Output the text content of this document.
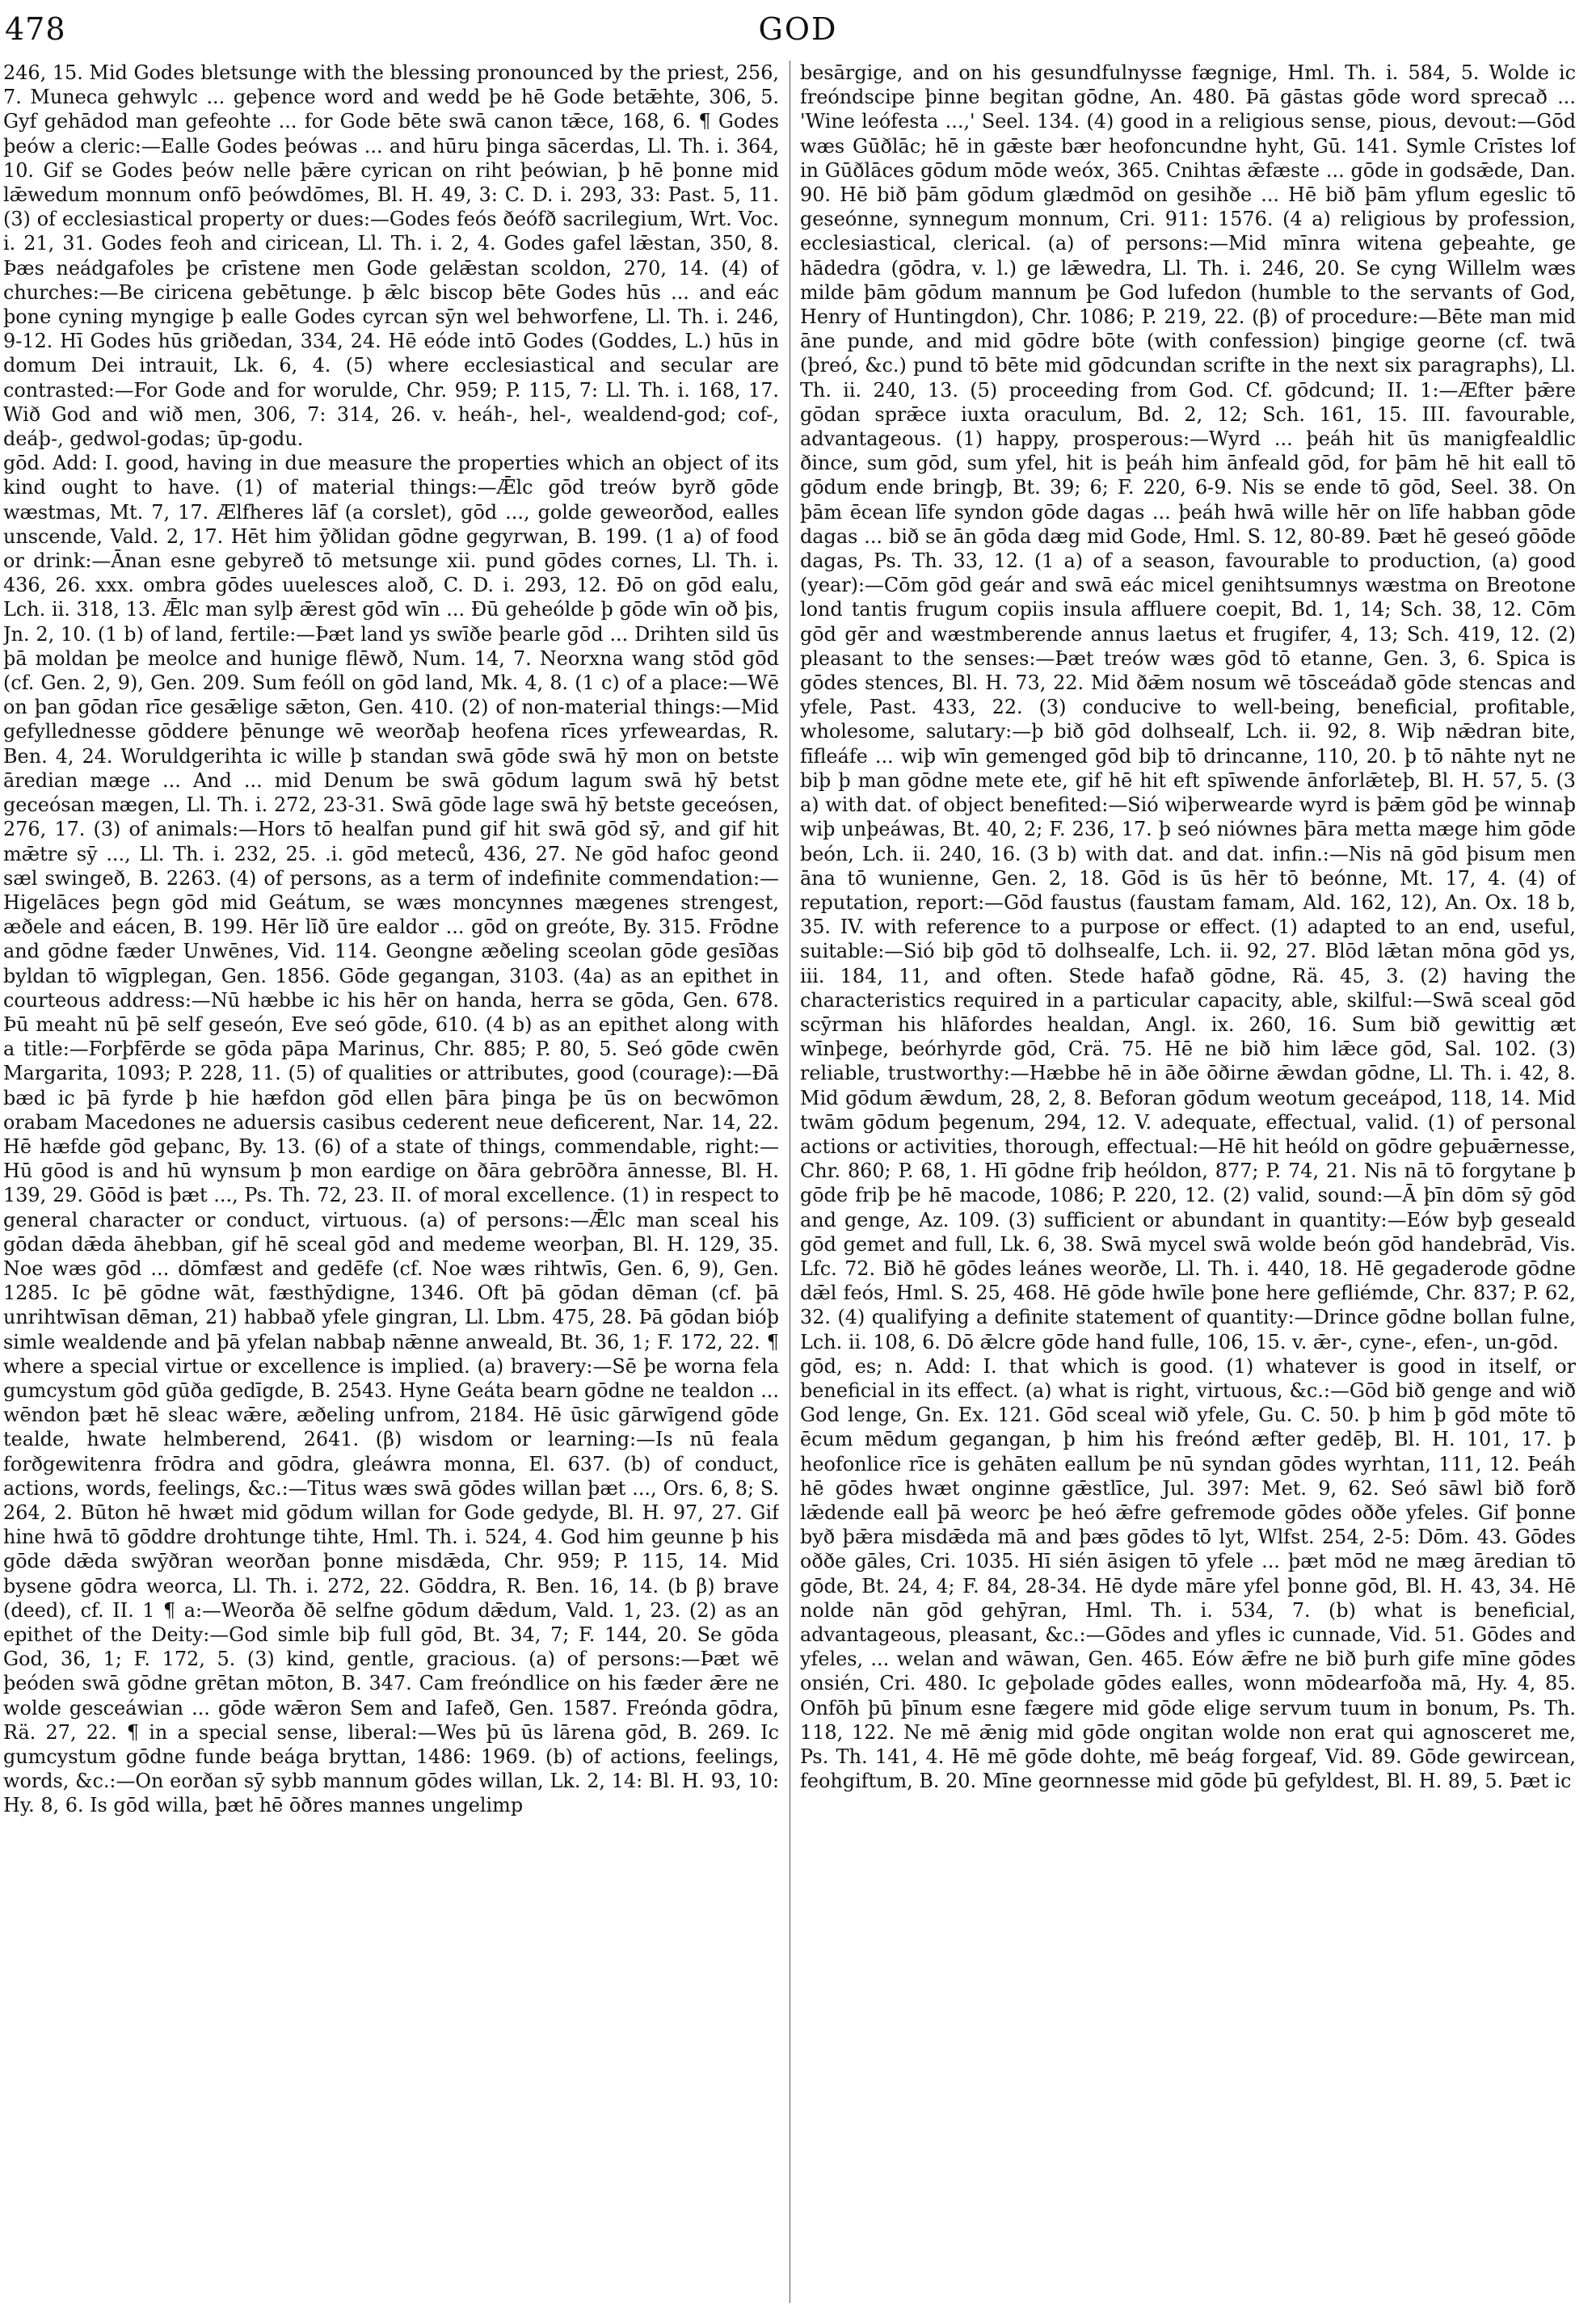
478	GOD

246, 15. Mid Godes bletsunge with the blessing pronounced by the priest, 256, 7. Muneca gehwylc ... geþence word and wedd þe hē Gode betǣhte, 306, 5. Gyf gehādod man gefeohte ... for Gode bēte swā canon tǣce, 168, 6. ¶ Godes þeów a cleric:—Ealle Godes þeówas ... and hūru þinga sācerdas, Ll. Th. i. 364, 10. Gif se Godes þeów nelle þǣre cyrican on riht þeówian, þ hē þonne mid lǣwedum monnum onfō þeówdōmes, Bl. H. 49, 3: C. D. i. 293, 33: Past. 5, 11. (3) of ecclesiastical property or dues:—Godes feós ðeófð sacrilegium, Wrt. Voc. i. 21, 31. Godes feoh and ciricean, Ll. Th. i. 2, 4. Godes gafel lǣstan, 350, 8. Þæs neádgafoles þe crīstene men Gode gelǣstan scoldon, 270, 14. (4) of churches:—Be ciricena gebētunge. þ ǣlc biscop bēte Godes hūs ... and eác þone cyning myngige þ ealle Godes cyrcan sȳn wel behworfene, Ll. Th. i. 246, 9-12. Hī Godes hūs griðedan, 334, 24. Hē eóde intō Godes (Goddes, L.) hūs in domum Dei intrauit, Lk. 6, 4. (5) where ecclesiastical and secular are contrasted:—For Gode and for worulde, Chr. 959; P. 115, 7: Ll. Th. i. 168, 17. Wið God and wið men, 306, 7: 314, 26. v. heáh-, hel-, wealdend-god; cof-, deáþ-, gedwol-godas; ūp-godu.

gōd. Add: I. good, having in due measure the properties which an object of its kind ought to have. (1) of material things:—Ǣlc gōd treów byrð gōde wæstmas, Mt. 7, 17. Ælfheres lāf (a corslet), gōd ..., golde geweorðod, ealles unscende, Vald. 2, 17. Hēt him ȳðlidan gōdne gegyrwan, B. 199. (1 a) of food or drink:—Ānan esne gebyreð tō metsunge xii. pund gōdes cornes, Ll. Th. i. 436, 26. xxx. ombra gōdes uuelesces aloð, C. D. i. 293, 12. Ðō on gōd ealu, Lch. ii. 318, 13. Ǣlc man sylþ ǣrest gōd wīn ... Ðū geheólde þ gōde wīn oð þis, Jn. 2, 10. (1 b) of land, fertile:—Þæt land ys swīðe þearle gōd ... Drihten sild ūs þā moldan þe meolce and hunige flēwð, Num. 14, 7. Neorxna wang stōd gōd (cf. Gen. 2, 9), Gen. 209. Sum feóll on gōd land, Mk. 4, 8. (1 c) of a place:—Wē on þan gōdan rīce gesǣlige sǣton, Gen. 410. (2) of non-material things:—Mid gefyllednesse gōddere þēnunge wē weorðaþ heofena rīces yrfeweardas, R. Ben. 4, 24. Woruldgerihta ic wille þ standan swā gōde swā hȳ mon on betste āredian mæge ... And ... mid Denum be swā gōdum lagum swā hȳ betst geceósan mægen, Ll. Th. i. 272, 23-31. Swā gōde lage swā hȳ betste geceósen, 276, 17. (3) of animals:—Hors tō healfan pund gif hit swā gōd sȳ, and gif hit mǣtre sȳ ..., Ll. Th. i. 232, 25. .i. gōd meteců, 436, 27. Ne gōd hafoc geond sæl swingeð, B. 2263. (4) of persons, as a term of indefinite commendation:—Higelāces þegn gōd mid Geátum, se wæs moncynnes mægenes strengest, æðele and eácen, B. 199. Hēr līð ūre ealdor ... gōd on greóte, By. 315. Frōdne and gōdne fæder Unwēnes, Vid. 114. Geongne æðeling sceolan gōde gesīðas byldan tō wīgplegan, Gen. 1856. Gōde gegangan, 3103. (4a) as an epithet in courteous address:—Nū hæbbe ic his hēr on handa, herra se gōda, Gen. 678. Þū meaht nū þē self geseón, Eve seó gōde, 610. (4 b) as an epithet along with a title:—Forþfērde se gōda pāpa Marinus, Chr. 885; P. 80, 5. Seó gōde cwēn Margarita, 1093; P. 228, 11. (5) of qualities or attributes, good (courage):—Ðā bæd ic þā fyrde þ hie hæfdon gōd ellen þāra þinga þe ūs on becwōmon orabam Macedones ne aduersis casibus cederent neue deficerent, Nar. 14, 22. Hē hæfde gōd geþanc, By. 13. (6) of a state of things, commendable, right:—Hū gōod is and hū wynsum þ mon eardige on ðāra gebrōðra ānnesse, Bl. H. 139, 29. Gōōd is þæt ..., Ps. Th. 72, 23. II. of moral excellence. (1) in respect to general character or conduct, virtuous. (a) of persons:—Ǣlc man sceal his gōdan dǣda āhebban, gif hē sceal gōd and medeme weorþan, Bl. H. 129, 35. Noe wæs gōd ... dōmfæst and gedēfe (cf. Noe wæs rihtwīs, Gen. 6, 9), Gen. 1285. Ic þē gōdne wāt, fæsthȳdigne, 1346. Oft þā gōdan dēman (cf. þā unrihtwīsan dēman, 21) habbað yfele gingran, Ll. Lbm. 475, 28. Þā gōdan bióþ simle wealdende and þā yfelan nabbaþ nǣnne anweald, Bt. 36, 1; F. 172, 22. ¶ where a special virtue or excellence is implied. (a) bravery:—Sē þe worna fela gumcystum gōd gūða gedīgde, B. 2543. Hyne Geáta bearn gōdne ne tealdon ... wēndon þæt hē sleac wǣre, æðeling unfrom, 2184. Hē ūsic gārwīgend gōde tealde, hwate helmberend, 2641. (β) wisdom or learning:—Is nū feala forðgewitenra frōdra and gōdra, gleáwra monna, El. 637. (b) of conduct, actions, words, feelings, &c.:—Titus wæs swā gōdes willan þæt ..., Ors. 6, 8; S. 264, 2. Būton hē hwæt mid gōdum willan for Gode gedyde, Bl. H. 97, 27. Gif hine hwā tō gōddre drohtunge tihte, Hml. Th. i. 524, 4. God him geunne þ his gōde dǣda swȳðran weorðan þonne misdǣda, Chr. 959; P. 115, 14. Mid bysene gōdra weorca, Ll. Th. i. 272, 22. Gōddra, R. Ben. 16, 14. (b β) brave (deed), cf. II. 1 ¶ a:—Weorða ðē selfne gōdum dǣdum, Vald. 1, 23. (2) as an epithet of the Deity:—God simle biþ full gōd, Bt. 34, 7; F. 144, 20. Se gōda God, 36, 1; F. 172, 5. (3) kind, gentle, gracious. (a) of persons:—Þæt wē þeóden swā gōdne grētan mōton, B. 347. Cam freóndlice on his fæder ǣre ne wolde gesceáwian ... gōde wǣron Sem and Iafeð, Gen. 1587. Freónda gōdra, Rä. 27, 22. ¶ in a special sense, liberal:—Wes þū ūs lārena gōd, B. 269. Ic gumcystum gōdne funde beága bryttan, 1486: 1969. (b) of actions, feelings, words, &c.:—On eorðan sȳ sybb mannum gōdes willan, Lk. 2, 14: Bl. H. 93, 10: Hy. 8, 6. Is gōd willa, þæt hē ōðres mannes ungelimp

besārgige, and on his gesundfulnysse fægnige, Hml. Th. i. 584, 5. Wolde ic freóndscipe þinne begitan gōdne, An. 480. Þā gāstas gōde word sprecað ... 'Wine leófesta ...,' Seel. 134. (4) good in a religious sense, pious, devout:—Gōd wæs Gūðlāc; hē in gǣste bær heofoncundne hyht, Gū. 141. Symle Crīstes lof in Gūðlāces gōdum mōde weóx, 365. Cnihtas ǣfæste ... gōde in godsǣde, Dan. 90. Hē bið þām gōdum glædmōd on gesihðe ... Hē bið þām yflum egeslic tō geseónne, synnegum monnum, Cri. 911: 1576. (4 a) religious by profession, ecclesiastical, clerical. (a) of persons:—Mid mīnra witena geþeahte, ge hādedra (gōdra, v. l.) ge lǣwedra, Ll. Th. i. 246, 20. Se cyng Willelm wæs milde þām gōdum mannum þe God lufedon (humble to the servants of God, Henry of Huntingdon), Chr. 1086; P. 219, 22. (β) of procedure:—Bēte man mid āne punde, and mid gōdre bōte (with confession) þingige georne (cf. twā (þreó, &c.) pund tō bēte mid gōdcundan scrifte in the next six paragraphs), Ll. Th. ii. 240, 13. (5) proceeding from God. Cf. gōdcund; II. 1:—Æfter þǣre gōdan sprǣce iuxta oraculum, Bd. 2, 12; Sch. 161, 15. III. favourable, advantageous. (1) happy, prosperous:—Wyrd ... þeáh hit ūs manigfealdlic ðince, sum gōd, sum yfel, hit is þeáh him ānfeald gōd, for þām hē hit eall tō gōdum ende bringþ, Bt. 39; 6; F. 220, 6-9. Nis se ende tō gōd, Seel. 38. On þām ēcean līfe syndon gōde dagas ... þeáh hwā wille hēr on līfe habban gōde dagas ... bið se ān gōda dæg mid Gode, Hml. S. 12, 80-89. Þæt hē geseó gōōde dagas, Ps. Th. 33, 12. (1 a) of a season, favourable to production, (a) good (year):—Cōm gōd geár and swā eác micel genihtsumnys wæstma on Breotone lond tantis frugum copiis insula affluere coepit, Bd. 1, 14; Sch. 38, 12. Cōm gōd gēr and wæstmberende annus laetus et frugifer, 4, 13; Sch. 419, 12. (2) pleasant to the senses:—Þæt treów wæs gōd tō etanne, Gen. 3, 6. Spica is gōdes stences, Bl. H. 73, 22. Mid ðǣm nosum wē tōsceádað gōde stencas and yfele, Past. 433, 22. (3) conducive to well-being, beneficial, profitable, wholesome, salutary:—þ bið gōd dolhsealf, Lch. ii. 92, 8. Wiþ nǣdran bite, fīfleáfe ... wiþ wīn gemenged gōd biþ tō drincanne, 110, 20. þ tō nāhte nyt ne biþ þ man gōdne mete ete, gif hē hit eft spīwende ānforlǣteþ, Bl. H. 57, 5. (3 a) with dat. of object benefited:—Sió wiþerwearde wyrd is þǣm gōd þe winnaþ wiþ unþeáwas, Bt. 40, 2; F. 236, 17. þ seó niównes þāra metta mæge him gōde beón, Lch. ii. 240, 16. (3 b) with dat. and dat. infin.:—Nis nā gōd þisum men āna tō wunienne, Gen. 2, 18. Gōd is ūs hēr tō beónne, Mt. 17, 4. (4) of reputation, report:—Gōd faustus (faustam famam, Ald. 162, 12), An. Ox. 18 b, 35. IV. with reference to a purpose or effect. (1) adapted to an end, useful, suitable:—Sió biþ gōd tō dolhsealfe, Lch. ii. 92, 27. Blōd lǣtan mōna gōd ys, iii. 184, 11, and often. Stede hafað gōdne, Rä. 45, 3. (2) having the characteristics required in a particular capacity, able, skilful:—Swā sceal gōd scȳrman his hlāfordes healdan, Angl. ix. 260, 16. Sum bið gewittig æt wīnþege, beórhyrde gōd, Crä. 75. Hē ne bið him lǣce gōd, Sal. 102. (3) reliable, trustworthy:—Hæbbe hē in āðe ōðirne ǣwdan gōdne, Ll. Th. i. 42, 8. Mid gōdum ǣwdum, 28, 2, 8. Beforan gōdum weotum geceápod, 118, 14. Mid twām gōdum þegenum, 294, 12. V. adequate, effectual, valid. (1) of personal actions or activities, thorough, effectual:—Hē hit heóld on gōdre geþuǣrnesse, Chr. 860; P. 68, 1. Hī gōdne friþ heóldon, 877; P. 74, 21. Nis nā tō forgytane þ gōde friþ þe hē macode, 1086; P. 220, 12. (2) valid, sound:—Ā þīn dōm sȳ gōd and genge, Az. 109. (3) sufficient or abundant in quantity:—Eów byþ geseald gōd gemet and full, Lk. 6, 38. Swā mycel swā wolde beón gōd handebrād, Vis. Lfc. 72. Bið hē gōdes leánes weorðe, Ll. Th. i. 440, 18. Hē gegaderode gōdne dǣl feós, Hml. S. 25, 468. Hē gōde hwīle þone here gefliémde, Chr. 837; P. 62, 32. (4) qualifying a definite statement of quantity:—Drince gōdne bollan fulne, Lch. ii. 108, 6. Dō ǣlcre gōde hand fulle, 106, 15. v. ǣr-, cyne-, efen-, un-gōd.

gōd, es; n. Add: I. that which is good. (1) whatever is good in itself, or beneficial in its effect. (a) what is right, virtuous, &c.:—Gōd bið genge and wið God lenge, Gn. Ex. 121. Gōd sceal wið yfele, Gu. C. 50. þ him þ gōd mōte tō ēcum mēdum gegangan, þ him his freónd æfter gedēþ, Bl. H. 101, 17. þ heofonlice rīce is gehāten eallum þe nū syndan gōdes wyrhtan, 111, 12. Þeáh hē gōdes hwæt onginne gǣstlīce, Jul. 397: Met. 9, 62. Seó sāwl bið forð lǣdende eall þā weorc þe heó ǣfre gefremode gōdes oððe yfeles. Gif þonne byð þǣra misdǣda mā and þæs gōdes tō lyt, Wlfst. 254, 2-5: Dōm. 43. Gōdes oððe gāles, Cri. 1035. Hī sién āsigen tō yfele ... þæt mōd ne mæg āredian tō gōde, Bt. 24, 4; F. 84, 28-34. Hē dyde māre yfel þonne gōd, Bl. H. 43, 34. Hē nolde nān gōd gehȳran, Hml. Th. i. 534, 7. (b) what is beneficial, advantageous, pleasant, &c.:—Gōdes and yfles ic cunnade, Vid. 51. Gōdes and yfeles, ... welan and wāwan, Gen. 465. Eów ǣfre ne bið þurh gife mīne gōdes onsién, Cri. 480. Ic geþolade gōdes ealles, wonn mōdearfoða mā, Hy. 4, 85. Onfōh þū þīnum esne fægere mid gōde elige servum tuum in bonum, Ps. Th. 118, 122. Ne mē ǣnig mid gōde ongitan wolde non erat qui agnosceret me, Ps. Th. 141, 4. Hē mē gōde dohte, mē beág forgeaf, Vid. 89. Gōde gewircean, feohgiftum, B. 20. Mīne geornnesse mid gōde þū gefyldest, Bl. H. 89, 5. Þæt ic
